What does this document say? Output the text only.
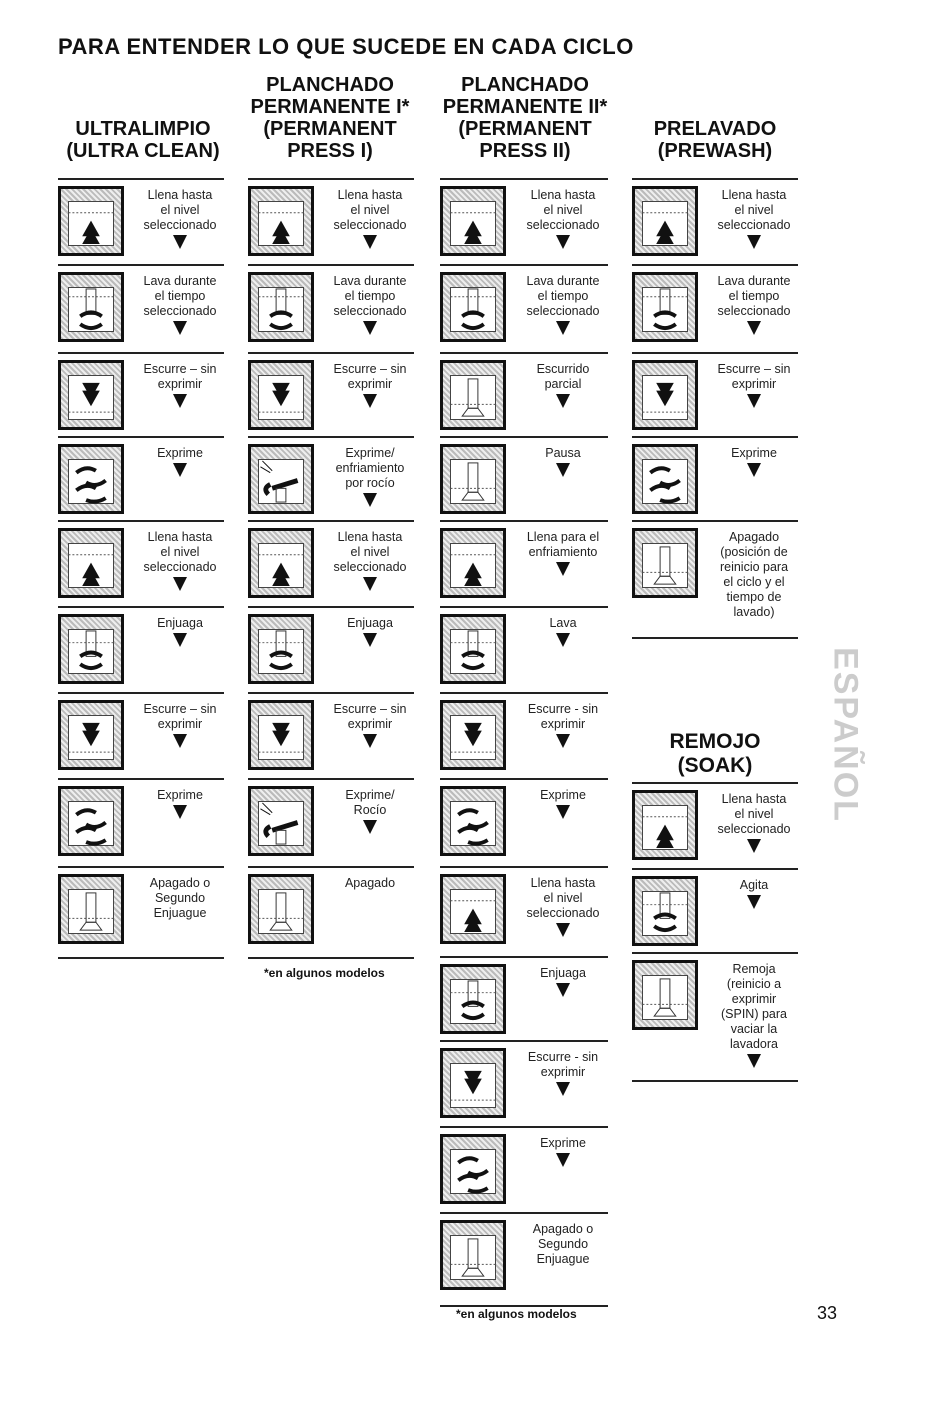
PARA ENTENDER LO QUE SUCEDE EN CADA CICLO
ULTRALIMPIO
(ULTRA CLEAN)
PLANCHADO
PERMANENTE I*
(PERMANENT
PRESS I)
PLANCHADO
PERMANENTE II*
(PERMANENT
PRESS II)
PRELAVADO
(PREWASH)
REMOJO
(SOAK)
Llena hasta
el nivel
seleccionado
Lava durante
el tiempo
seleccionado
Escurre – sin
exprimir
Exprime
Llena hasta
el nivel
seleccionado
Enjuaga
Escurre – sin
exprimir
Exprime
Apagado o
Segundo
Enjuague
Llena hasta
el nivel
seleccionado
Lava durante
el tiempo
seleccionado
Escurre – sin
exprimir
Exprime/
enfriamiento
por rocío
Llena hasta
el nivel
seleccionado
Enjuaga
Escurre – sin
exprimir
Exprime/
Rocío
Apagado
Llena hasta
el nivel
seleccionado
Lava durante
el tiempo
seleccionado
Escurrido
parcial
Pausa
Llena para el
enfriamiento
Lava
Escurre - sin
exprimir
Exprime
Llena hasta
el nivel
seleccionado
Enjuaga
Escurre - sin
exprimir
Exprime
Apagado o
Segundo
Enjuague
Llena hasta
el nivel
seleccionado
Lava durante
el tiempo
seleccionado
Escurre – sin
exprimir
Exprime
Apagado
(posición de
reinicio para
el ciclo y el
tiempo de
lavado)
Llena hasta
el nivel
seleccionado
Agita
Remoja
(reinicio a
exprimir
(SPIN) para
vaciar la
lavadora
*en algunos modelos
*en algunos modelos
ESPAÑOL
33
